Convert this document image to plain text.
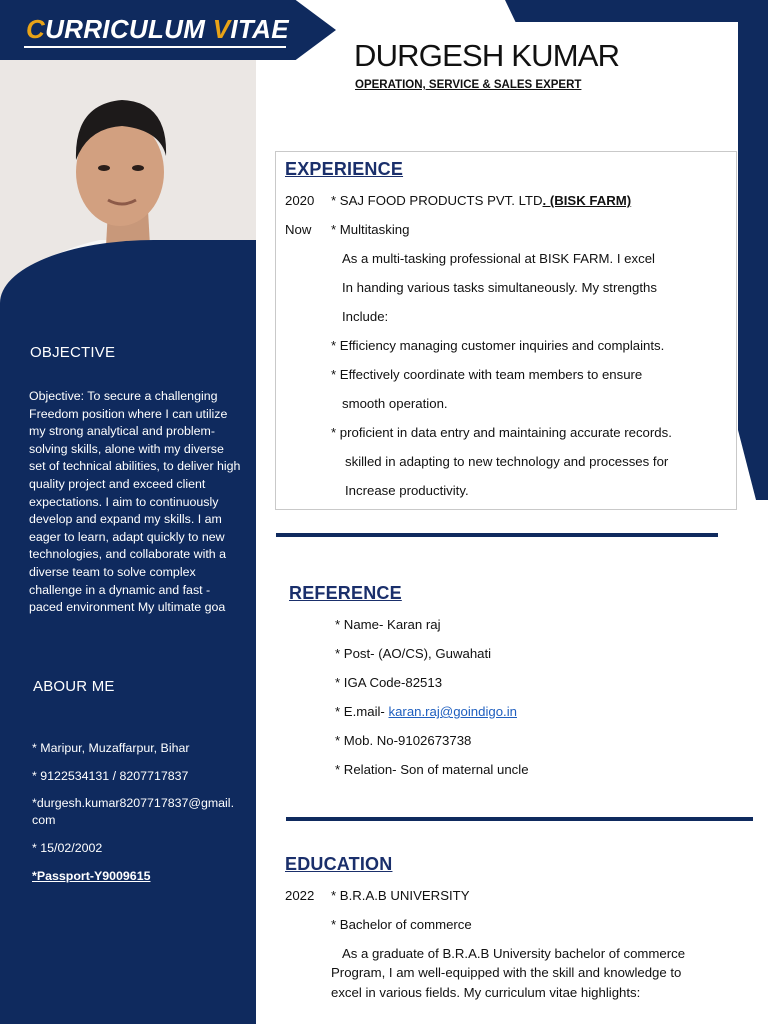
CURRICULUM VITAE
OBJECTIVE
Objective: To secure a challenging Freedom position where I can utilize my strong analytical and problem- solving skills, alone with my diverse set of technical abilities, to deliver high quality project and exceed client expectations. I aim to continuously develop and expand my skills. I am eager to learn, adapt quickly to new technologies, and collaborate with a diverse team to solve complex challenge in a dynamic and fast -paced environment My ultimate goa
ABOUR ME
* Maripur, Muzaffarpur, Bihar
* 9122534131 / 8207717837
*durgesh.kumar8207717837@gmail.com
* 15/02/2002
*Passport-Y9009615
DURGESH KUMAR
OPERATION, SERVICE & SALES EXPERT
EXPERIENCE
2020 * SAJ FOOD PRODUCTS PVT. LTD. (BISK FARM)
Now * Multitasking
As a multi-tasking professional at BISK FARM. I excel
In handing various tasks simultaneously. My strengths
Include:
* Efficiency managing customer inquiries and complaints.
* Effectively coordinate with team members to ensure
smooth operation.
* proficient in data entry and maintaining accurate records.
skilled in adapting to new technology and processes for
Increase productivity.
REFERENCE
* Name- Karan raj
* Post- (AO/CS), Guwahati
* IGA Code-82513
* E.mail- karan.raj@goindigo.in
* Mob. No-9102673738
* Relation- Son of maternal uncle
EDUCATION
2022 * B.R.A.B UNIVERSITY
* Bachelor of commerce
As a graduate of B.R.A.B University bachelor of commerce
Program, I am well-equipped with the skill and knowledge to
excel in various fields. My curriculum vitae highlights:
